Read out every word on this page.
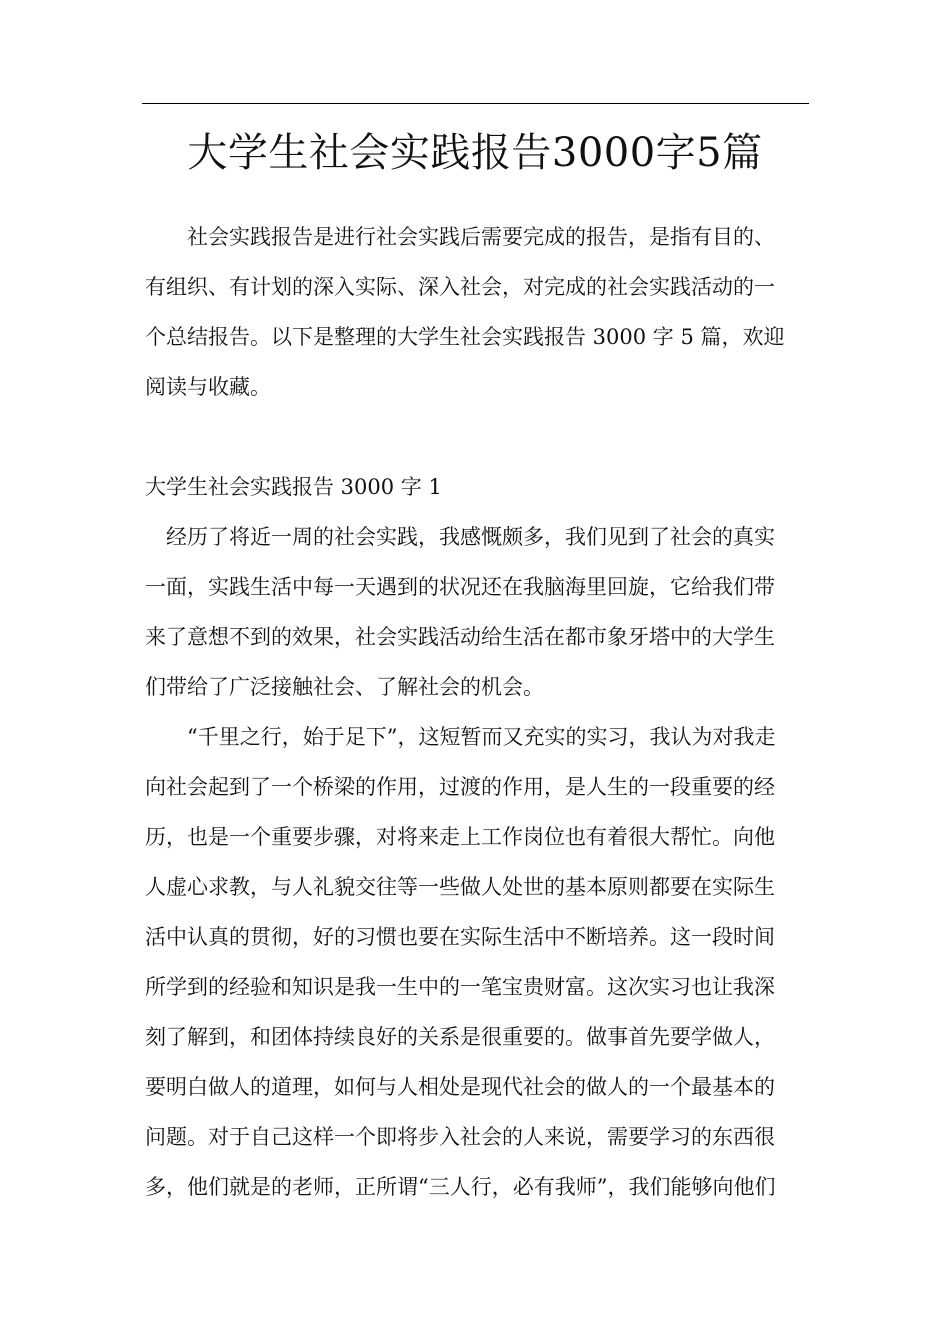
大学生社会实践报告3000字5篇
社会实践报告是进行社会实践后需要完成的报告，是指有目的、
有组织、有计划的深入实际、深入社会，对完成的社会实践活动的一
个总结报告。以下是整理的大学生社会实践报告 3000 字 5 篇，欢迎
阅读与收藏。
大学生社会实践报告 3000 字 1
经历了将近一周的社会实践，我感慨颇多，我们见到了社会的真实
一面，实践生活中每一天遇到的状况还在我脑海里回旋，它给我们带
来了意想不到的效果，社会实践活动给生活在都市象牙塔中的大学生
们带给了广泛接触社会、了解社会的机会。
“千里之行，始于足下”，这短暂而又充实的实习，我认为对我走
向社会起到了一个桥梁的作用，过渡的作用，是人生的一段重要的经
历，也是一个重要步骤，对将来走上工作岗位也有着很大帮忙。向他
人虚心求教，与人礼貌交往等一些做人处世的基本原则都要在实际生
活中认真的贯彻，好的习惯也要在实际生活中不断培养。这一段时间
所学到的经验和知识是我一生中的一笔宝贵财富。这次实习也让我深
刻了解到，和团体持续良好的关系是很重要的。做事首先要学做人，
要明白做人的道理，如何与人相处是现代社会的做人的一个最基本的
问题。对于自己这样一个即将步入社会的人来说，需要学习的东西很
多，他们就是的老师，正所谓“三人行，必有我师”，我们能够向他们
